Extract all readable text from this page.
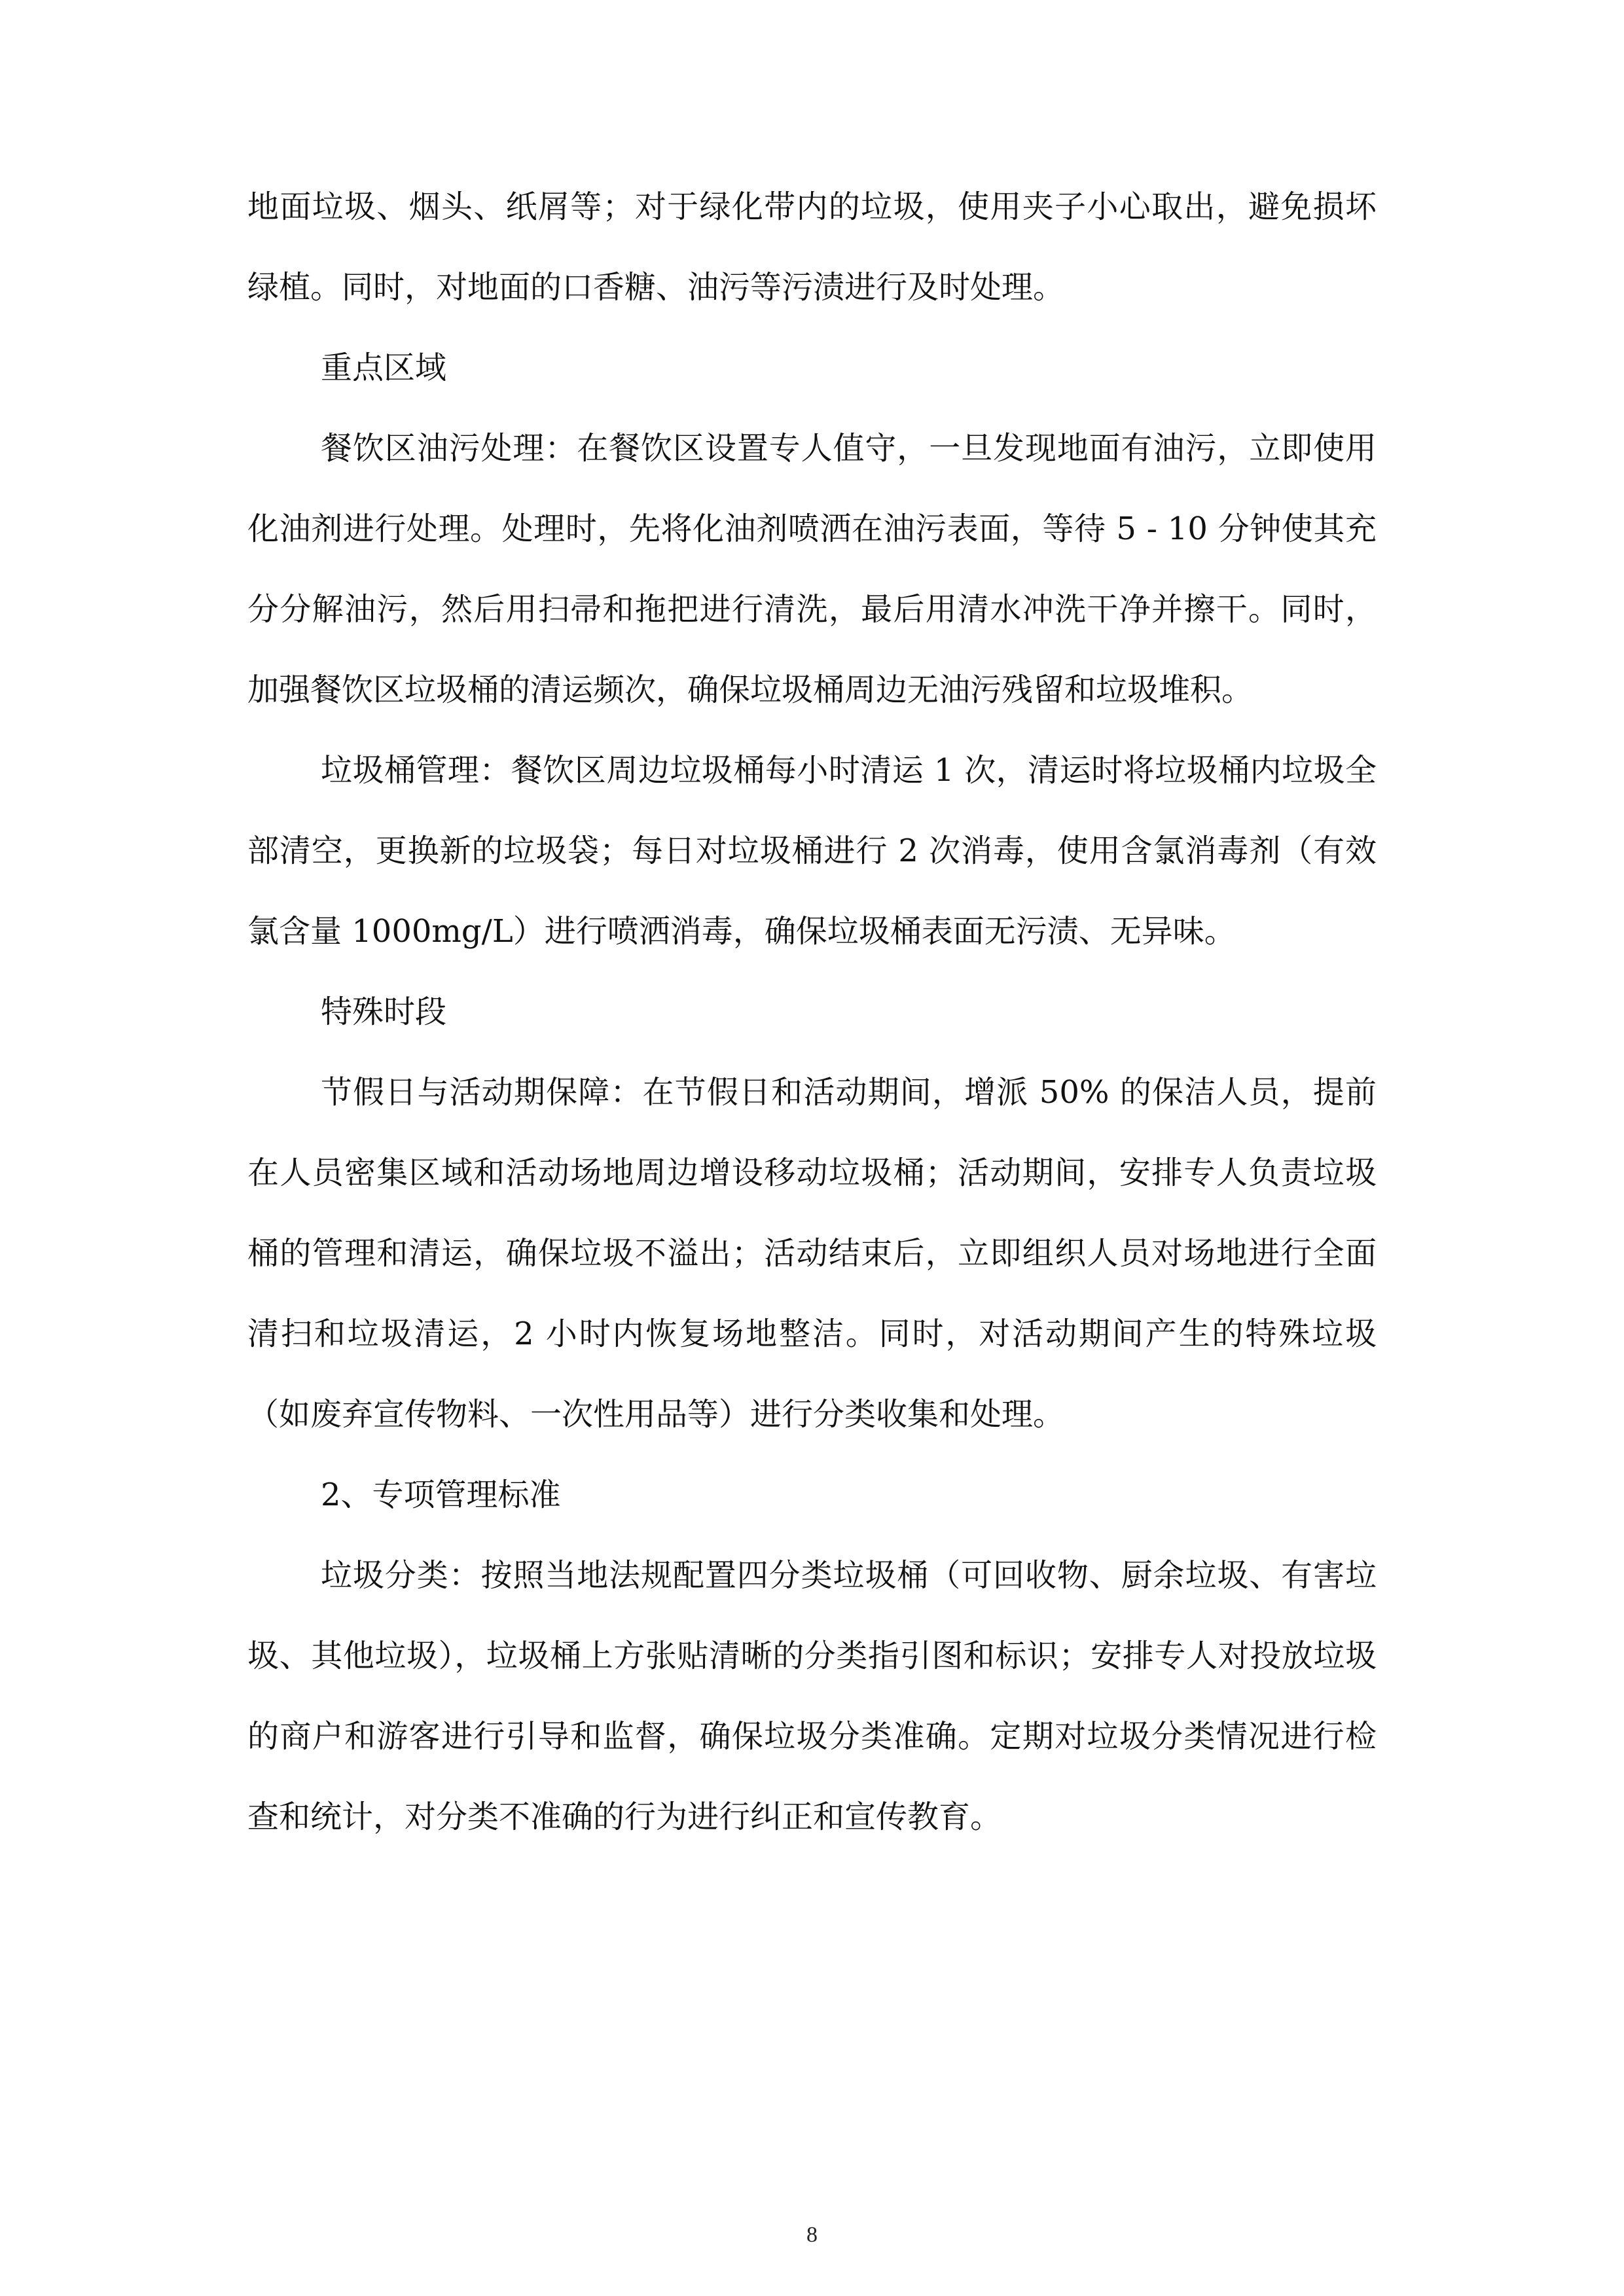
地面垃圾、烟头、纸屑等；对于绿化带内的垃圾，使用夹子小心取出，避免损坏绿植。同时，对地面的口香糖、油污等污渍进行及时处理。

重点区域

餐饮区油污处理：在餐饮区设置专人值守，一旦发现地面有油污，立即使用化油剂进行处理。处理时，先将化油剂喷洒在油污表面，等待 5 - 10 分钟使其充分分解油污，然后用扫帚和拖把进行清洗，最后用清水冲洗干净并擦干。同时，加强餐饮区垃圾桶的清运频次，确保垃圾桶周边无油污残留和垃圾堆积。

垃圾桶管理：餐饮区周边垃圾桶每小时清运 1 次，清运时将垃圾桶内垃圾全部清空，更换新的垃圾袋；每日对垃圾桶进行 2 次消毒，使用含氯消毒剂（有效氯含量 1000mg/L）进行喷洒消毒，确保垃圾桶表面无污渍、无异味。

特殊时段

节假日与活动期保障：在节假日和活动期间，增派 50% 的保洁人员，提前在人员密集区域和活动场地周边增设移动垃圾桶；活动期间，安排专人负责垃圾桶的管理和清运，确保垃圾不溢出；活动结束后，立即组织人员对场地进行全面清扫和垃圾清运，2 小时内恢复场地整洁。同时，对活动期间产生的特殊垃圾（如废弃宣传物料、一次性用品等）进行分类收集和处理。

2、专项管理标准

垃圾分类：按照当地法规配置四分类垃圾桶（可回收物、厨余垃圾、有害垃圾、其他垃圾），垃圾桶上方张贴清晰的分类指引图和标识；安排专人对投放垃圾的商户和游客进行引导和监督，确保垃圾分类准确。定期对垃圾分类情况进行检查和统计，对分类不准确的行为进行纠正和宣传教育。

8
